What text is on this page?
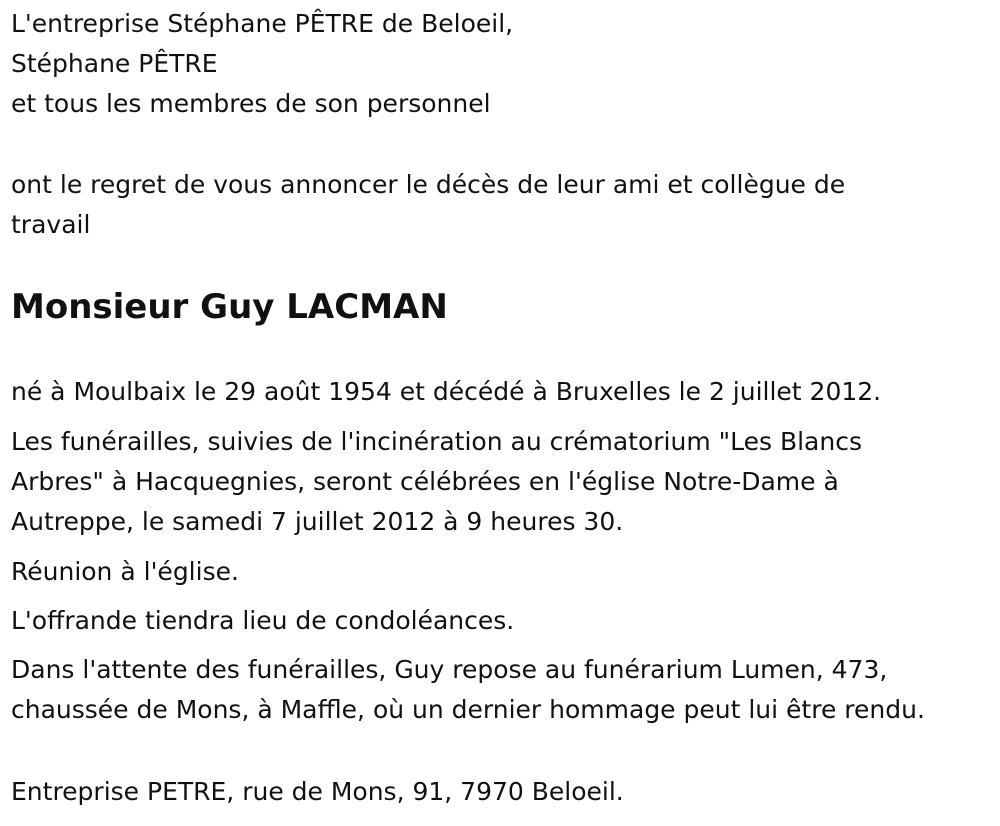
L'entreprise Stéphane PÊTRE de Beloeil,

Stéphane PÊTRE

et tous les membres de son personnel

ont le regret de vous annoncer le décès de leur ami et collègue de travail

Monsieur Guy LACMAN

né à Moulbaix le 29 août 1954 et décédé à Bruxelles le 2 juillet 2012.

Les funérailles, suivies de l'incinération au crématorium "Les Blancs Arbres" à Hacquegnies, seront célébrées en l'église Notre-Dame à Autreppe, le samedi 7 juillet 2012 à 9 heures 30.

Réunion à l'église.

L'offrande tiendra lieu de condoléances.

Dans l'attente des funérailles, Guy repose au funérarium Lumen, 473, chaussée de Mons, à Maffle, où un dernier hommage peut lui être rendu.

Entreprise PETRE, rue de Mons, 91, 7970 Beloeil.
